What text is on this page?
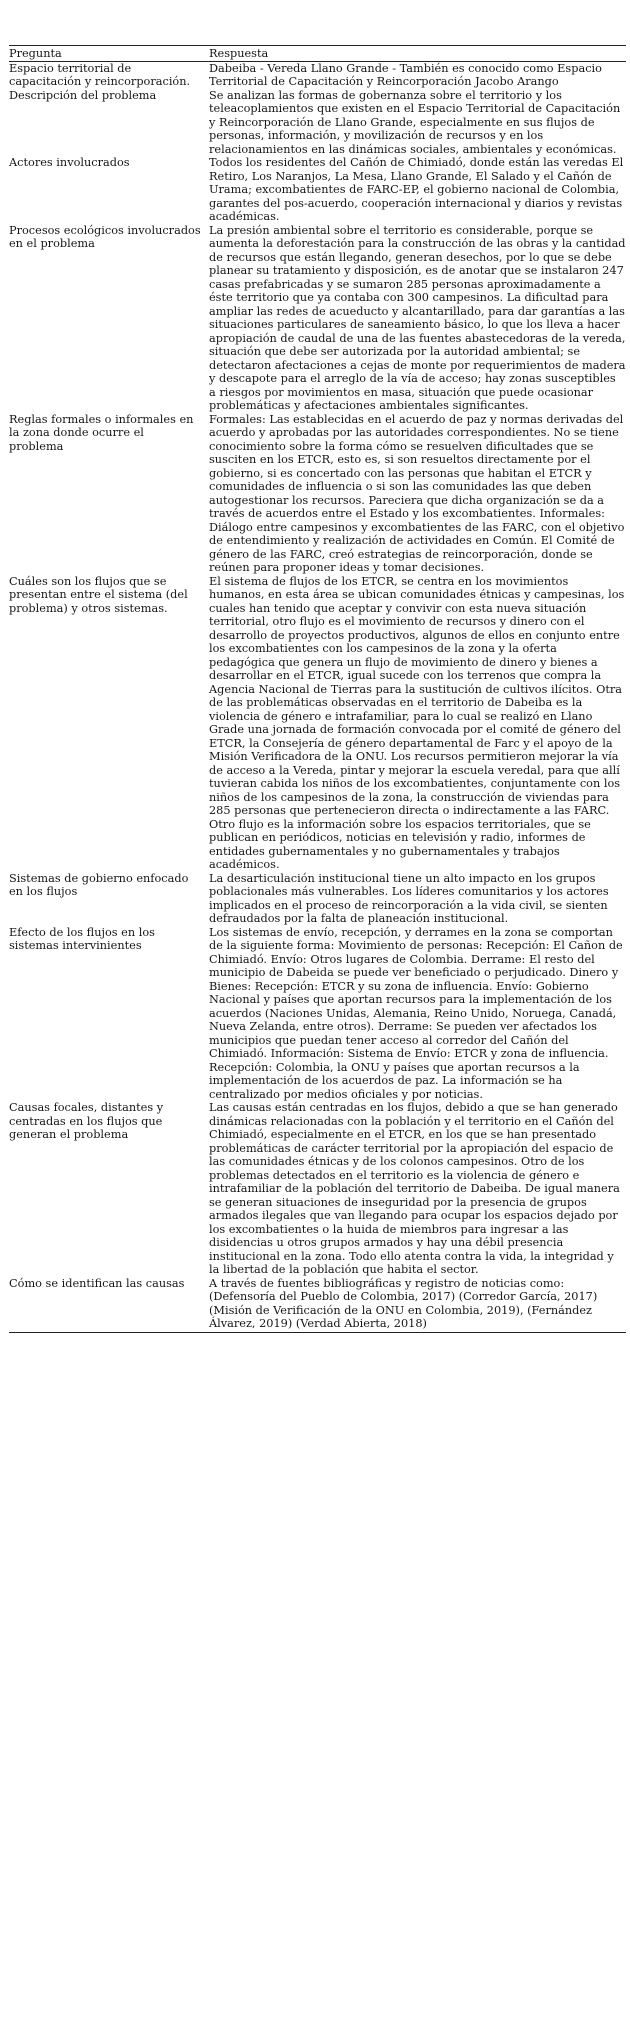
Pregunta	Respuesta
Espacio territorial de capacitación y reincorporación.	Dabeiba - Vereda Llano Grande - También es conocido como Espacio Territorial de Capacitación y Reincorporación Jacobo Arango
Descripción del problema	Se analizan las formas de gobernanza sobre el territorio y los teleacoplamientos que existen en el Espacio Territorial de Capacitación y Reincorporación de Llano Grande, especialmente en sus flujos de personas, información, y movilización de recursos y en los relacionamientos en las dinámicas sociales, ambientales y económicas.
Actores involucrados	Todos los residentes del Cañón de Chimiadó, donde están las veredas El Retiro, Los Naranjos, La Mesa, Llano Grande, El Salado y el Cañón de Urama; excombatientes de FARC-EP, el gobierno nacional de Colombia, garantes del pos-acuerdo, cooperación internacional y diarios y revistas académicas.
Procesos ecológicos involucrados en el problema	La presión ambiental sobre el territorio es considerable, porque se aumenta la deforestación para la construcción de las obras y la cantidad de recursos que están llegando, generan desechos, por lo que se debe planear su tratamiento y disposición, es de anotar que se instalaron 247 casas prefabricadas y se sumaron 285 personas aproximadamente a éste territorio que ya contaba con 300 campesinos. La dificultad para ampliar las redes de acueducto y alcantarillado, para dar garantías a las situaciones particulares de saneamiento básico, lo que los lleva a hacer apropiación de caudal de una de las fuentes abastecedoras de la vereda, situación que debe ser autorizada por la autoridad ambiental; se detectaron afectaciones a cejas de monte por requerimientos de madera y descapote para el arreglo de la vía de acceso; hay zonas susceptibles a riesgos por movimientos en masa, situación que puede ocasionar problemáticas y afectaciones ambientales significantes.
Reglas formales o informales en la zona donde ocurre el problema	Formales: Las establecidas en el acuerdo de paz y normas derivadas del acuerdo y aprobadas por las autoridades correspondientes. No se tiene conocimiento sobre la forma cómo se resuelven dificultades que se susciten en los ETCR, esto es, si son resueltos directamente por el gobierno, si es concertado con las personas que habitan el ETCR y comunidades de influencia o si son las comunidades las que deben autogestionar los recursos. Pareciera que dicha organización se da a través de acuerdos entre el Estado y los excombatientes. Informales: Diálogo entre campesinos y excombatientes de las FARC, con el objetivo de entendimiento y realización de actividades en Común. El Comité de género de las FARC, creó estrategias de reincorporación, donde se reúnen para proponer ideas y tomar decisiones.
Cuáles son los flujos que se presentan entre el sistema (del problema) y otros sistemas.	El sistema de flujos de los ETCR, se centra en los movimientos humanos, en esta área se ubican comunidades étnicas y campesinas, los cuales han tenido que aceptar y convivir con esta nueva situación territorial, otro flujo es el movimiento de recursos y dinero con el desarrollo de proyectos productivos, algunos de ellos en conjunto entre los excombatientes con los campesinos de la zona y la oferta pedagógica que genera un flujo de movimiento de dinero y bienes a desarrollar en el ETCR, igual sucede con los terrenos que compra la Agencia Nacional de Tierras para la sustitución de cultivos ilícitos. Otra de las problemáticas observadas en el territorio de Dabeiba es la violencia de género e intrafamiliar, para lo cual se realizó en Llano Grade una jornada de formación convocada por el comité de género del ETCR, la Consejería de género departamental de Farc y el apoyo de la Misión Verificadora de la ONU. Los recursos permitieron mejorar la vía de acceso a la Vereda, pintar y mejorar la escuela veredal, para que allí tuvieran cabida los niños de los excombatientes, conjuntamente con los niños de los campesinos de la zona, la construcción de viviendas para 285 personas que pertenecieron directa o indirectamente a las FARC. Otro flujo es la información sobre los espacios territoriales, que se publican en periódicos, noticias en televisión y radio, informes de entidades gubernamentales y no gubernamentales y trabajos académicos.
Sistemas de gobierno enfocado en los flujos	La desarticulación institucional tiene un alto impacto en los grupos poblacionales más vulnerables. Los líderes comunitarios y los actores implicados en el proceso de reincorporación a la vida civil, se sienten defraudados por la falta de planeación institucional.
Efecto de los flujos en los sistemas intervinientes	Los sistemas de envío, recepción, y derrames en la zona se comportan de la siguiente forma: Movimiento de personas: Recepción: El Cañon de Chimiadó. Envío: Otros lugares de Colombia. Derrame: El resto del municipio de Dabeida se puede ver beneficiado o perjudicado. Dinero y Bienes: Recepción: ETCR y su zona de influencia. Envío: Gobierno Nacional y países que aportan recursos para la implementación de los acuerdos (Naciones Unidas, Alemania, Reino Unido, Noruega, Canadá, Nueva Zelanda, entre otros). Derrame: Se pueden ver afectados los municipios que puedan tener acceso al corredor del Cañón del Chimiadó. Información: Sistema de Envío: ETCR y zona de influencia. Recepción: Colombia, la ONU y países que aportan recursos a la implementación de los acuerdos de paz. La información se ha centralizado por medios oficiales y por noticias.
Causas focales, distantes y centradas en los flujos que generan el problema	Las causas están centradas en los flujos, debido a que se han generado dinámicas relacionadas con la población y el territorio en el Cañón del Chimiadó, especialmente en el ETCR, en los que se han presentado problemáticas de carácter territorial por la apropiación del espacio de las comunidades étnicas y de los colonos campesinos. Otro de los problemas detectados en el territorio es la violencia de género e intrafamiliar de la población del territorio de Dabeiba. De igual manera se generan situaciones de inseguridad por la presencia de grupos armados ilegales que van llegando para ocupar los espacios dejado por los excombatientes o la huida de miembros para ingresar a las disidencias u otros grupos armados y hay una débil presencia institucional en la zona. Todo ello atenta contra la vida, la integridad y la libertad de la población que habita el sector.
Cómo se identifican las causas	A través de fuentes bibliográficas y registro de noticias como: (Defensoría del Pueblo de Colombia, 2017) (Corredor García, 2017) (Misión de Verificación de la ONU en Colombia, 2019), (Fernández Álvarez, 2019) (Verdad Abierta, 2018)
